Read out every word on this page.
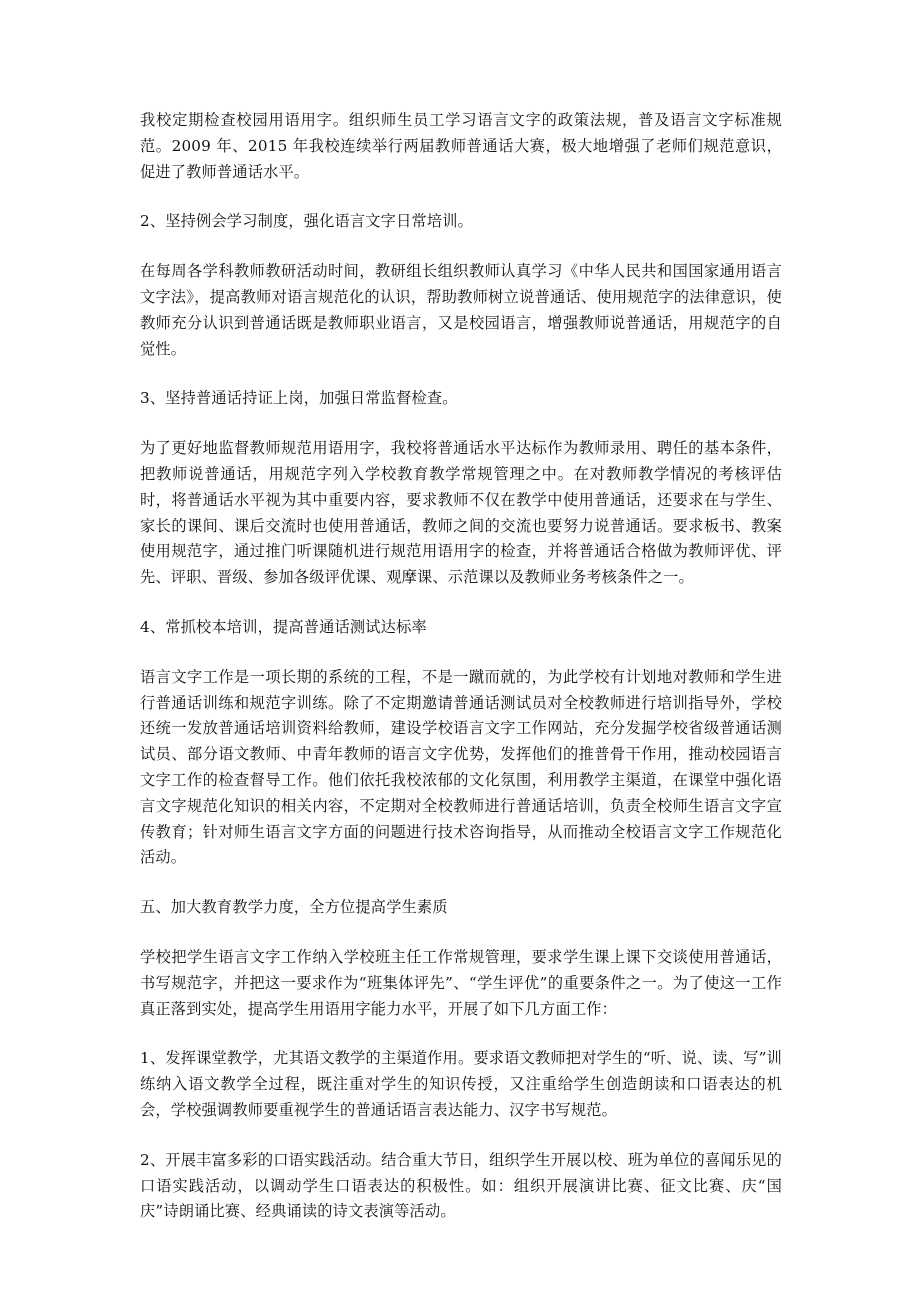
我校定期检查校园用语用字。组织师生员工学习语言文字的政策法规，普及语言文字标准规范。2009 年、2015 年我校连续举行两届教师普通话大赛，极大地增强了老师们规范意识，促进了教师普通话水平。

2、坚持例会学习制度，强化语言文字日常培训。

在每周各学科教师教研活动时间，教研组长组织教师认真学习《中华人民共和国国家通用语言文字法》，提高教师对语言规范化的认识，帮助教师树立说普通话、使用规范字的法律意识，使教师充分认识到普通话既是教师职业语言，又是校园语言，增强教师说普通话，用规范字的自觉性。

3、坚持普通话持证上岗，加强日常监督检查。

为了更好地监督教师规范用语用字，我校将普通话水平达标作为教师录用、聘任的基本条件，把教师说普通话，用规范字列入学校教育教学常规管理之中。在对教师教学情况的考核评估时，将普通话水平视为其中重要内容，要求教师不仅在教学中使用普通话，还要求在与学生、家长的课间、课后交流时也使用普通话，教师之间的交流也要努力说普通话。要求板书、教案使用规范字，通过推门听课随机进行规范用语用字的检查，并将普通话合格做为教师评优、评先、评职、晋级、参加各级评优课、观摩课、示范课以及教师业务考核条件之一。

4、常抓校本培训，提高普通话测试达标率

语言文字工作是一项长期的系统的工程，不是一蹴而就的，为此学校有计划地对教师和学生进行普通话训练和规范字训练。除了不定期邀请普通话测试员对全校教师进行培训指导外，学校还统一发放普通话培训资料给教师，建设学校语言文字工作网站，充分发掘学校省级普通话测试员、部分语文教师、中青年教师的语言文字优势，发挥他们的推普骨干作用，推动校园语言文字工作的检查督导工作。他们依托我校浓郁的文化氛围，利用教学主渠道，在课堂中强化语言文字规范化知识的相关内容，不定期对全校教师进行普通话培训，负责全校师生语言文字宣传教育；针对师生语言文字方面的问题进行技术咨询指导，从而推动全校语言文字工作规范化活动。

五、加大教育教学力度，全方位提高学生素质

学校把学生语言文字工作纳入学校班主任工作常规管理，要求学生课上课下交谈使用普通话，书写规范字，并把这一要求作为“班集体评先”、“学生评优”的重要条件之一。为了使这一工作真正落到实处，提高学生用语用字能力水平，开展了如下几方面工作：

1、发挥课堂教学，尤其语文教学的主渠道作用。要求语文教师把对学生的“听、说、读、写”训练纳入语文教学全过程，既注重对学生的知识传授，又注重给学生创造朗读和口语表达的机会，学校强调教师要重视学生的普通话语言表达能力、汉字书写规范。

2、开展丰富多彩的口语实践活动。结合重大节日，组织学生开展以校、班为单位的喜闻乐见的口语实践活动，以调动学生口语表达的积极性。如：组织开展演讲比赛、征文比赛、庆“国庆”诗朗诵比赛、经典诵读的诗文表演等活动。
